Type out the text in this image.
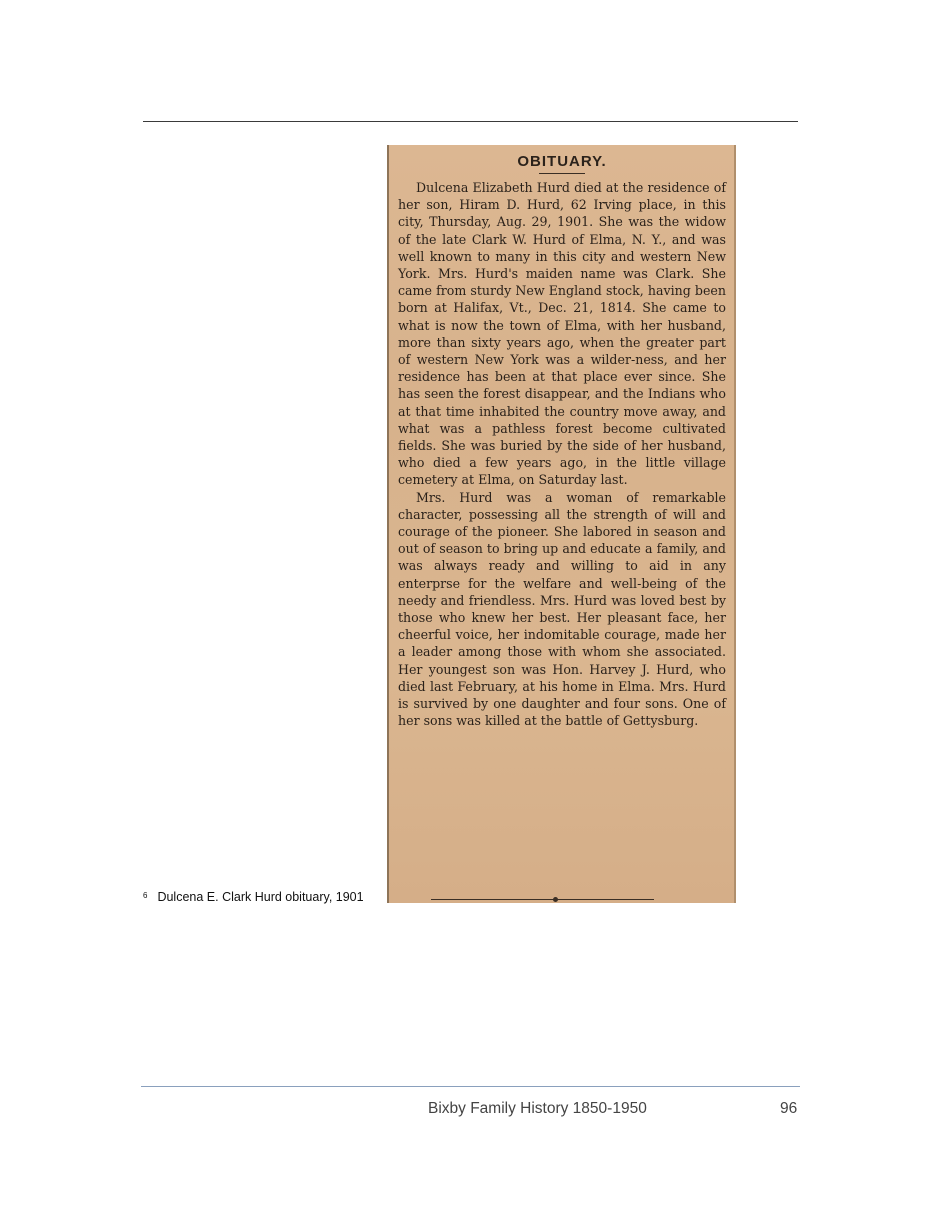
OBITUARY.

Dulcena Elizabeth Hurd died at the residence of her son, Hiram D. Hurd, 62 Irving place, in this city, Thursday, Aug. 29, 1901. She was the widow of the late Clark W. Hurd of Elma, N. Y., and was well known to many in this city and western New York. Mrs. Hurd's maiden name was Clark. She came from sturdy New England stock, having been born at Halifax, Vt., Dec. 21, 1814. She came to what is now the town of Elma, with her husband, more than sixty years ago, when the greater part of western New York was a wilder-ness, and her residence has been at that place ever since. She has seen the forest disappear, and the Indians who at that time inhabited the country move away, and what was a pathless forest become cultivated fields. She was buried by the side of her husband, who died a few years ago, in the little village cemetery at Elma, on Saturday last.

Mrs. Hurd was a woman of remarkable character, possessing all the strength of will and courage of the pioneer. She labored in season and out of season to bring up and educate a family, and was always ready and willing to aid in any enterprse for the welfare and well-being of the needy and friendless. Mrs. Hurd was loved best by those who knew her best. Her pleasant face, her cheerful voice, her indomitable courage, made her a leader among those with whom she associated. Her youngest son was Hon. Harvey J. Hurd, who died last February, at his home in Elma. Mrs. Hurd is survived by one daughter and four sons. One of her sons was killed at the battle of Gettysburg.

$^6$ Dulcena E. Clark Hurd obituary, 1901
Bixby Family History 1850-1950	96
